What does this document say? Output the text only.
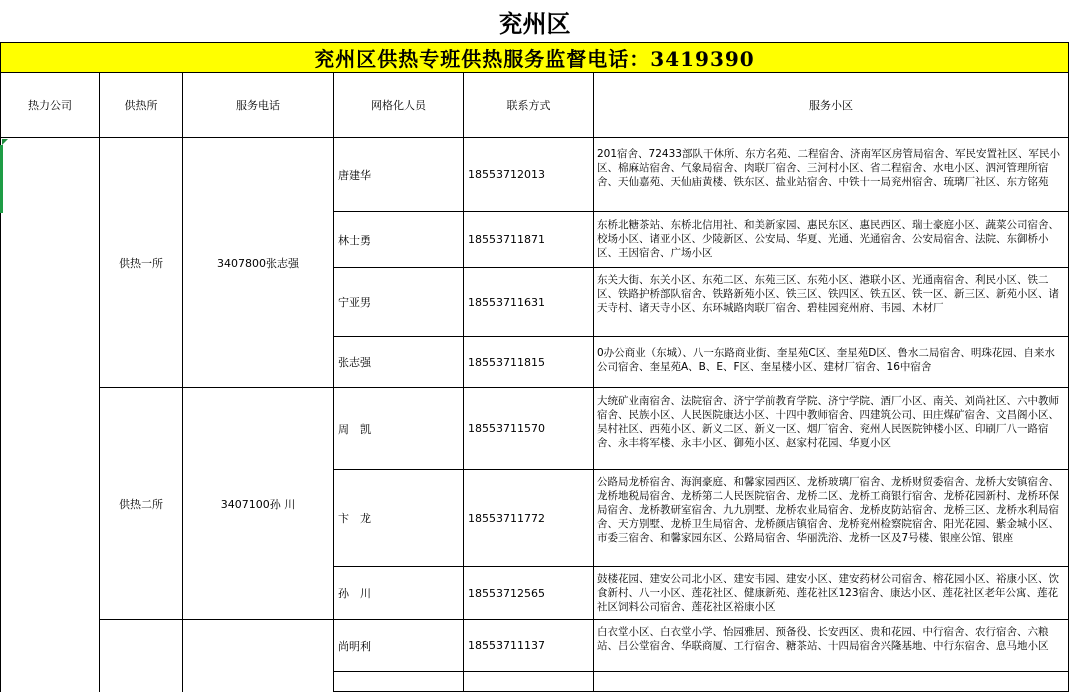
兖州区					
兖州区供热专班供热服务监督电话：3419390					
热力公司	供热所	服务电话	网格化人员	联系方式	服务小区
	供热一所	3407800张志强	唐建华	18553712013	201宿舍、72433部队干休所、东方名苑、二程宿舍、济南军区房管局宿舍、军民安置社区、军民小区、棉麻站宿舍、气象局宿舍、肉联厂宿舍、三河村小区、省二程宿舍、水电小区、泗河管理所宿舍、天仙嘉苑、天仙庙黄楼、铁东区、盐业站宿舍、中铁十一局兖州宿舍、琉璃厂社区、东方铭苑
			林士勇	18553711871	东桥北糖茶站、东桥北信用社、和美新家园、惠民东区、惠民西区、瑞士豪庭小区、蔬菜公司宿舍、校场小区、诸亚小区、少陵新区、公安局、华夏、光通、光通宿舍、公安局宿舍、法院、东御桥小区、王因宿舍、广场小区
			宁亚男	18553711631	东关大街、东关小区、东苑二区、东苑三区、东苑小区、港联小区、光通南宿舍、利民小区、铁二区、铁路护桥部队宿舍、铁路新苑小区、铁三区、铁四区、铁五区、铁一区、新三区、新苑小区、诸天寺村、诸天寺小区、东环城路肉联厂宿舍、碧桂园兖州府、韦园、木材厂
			张志强	18553711815	0办公商业（东城）、八一东路商业街、奎星苑C区、奎星苑D区、鲁水二局宿舍、明珠花园、自来水公司宿舍、奎星苑A、B、E、F区、奎星楼小区、建材厂宿舍、16中宿舍
	供热二所	3407100孙 川	周　凯	18553711570	大统矿业南宿舍、法院宿舍、济宁学前教育学院、济宁学院、酒厂小区、南关、刘尚社区、六中教师宿舍、民族小区、人民医院康达小区、十四中教师宿舍、四建筑公司、田庄煤矿宿舍、文昌阁小区、吴村社区、西苑小区、新义二区、新义一区、烟厂宿舍、兖州人民医院钟楼小区、印刷厂八一路宿舍、永丰将军楼、永丰小区、御苑小区、赵家村花园、华夏小区
			卞　龙	18553711772	公路局龙桥宿舍、海润豪庭、和馨家园西区、龙桥玻璃厂宿舍、龙桥财贸委宿舍、龙桥大安镇宿舍、龙桥地税局宿舍、龙桥第二人民医院宿舍、龙桥二区、龙桥工商银行宿舍、龙桥花园新村、龙桥环保局宿舍、龙桥教研室宿舍、九九别墅、龙桥农业局宿舍、龙桥皮防站宿舍、龙桥三区、龙桥水利局宿舍、天方别墅、龙桥卫生局宿舍、龙桥颜店镇宿舍、龙桥兖州检察院宿舍、阳光花园、紫金城小区、市委三宿舍、和馨家园东区、公路局宿舍、华丽洗浴、龙桥一区及7号楼、银座公馆、银座
			孙　川	18553712565	鼓楼花园、建安公司北小区、建安韦园、建安小区、建安药材公司宿舍、榕花园小区、裕康小区、饮食新村、八一小区、莲花社区、健康新苑、莲花社区123宿舍、康达小区、莲花社区老年公寓、莲花社区饲料公司宿舍、莲花社区裕康小区
			尚明利	18553711137	白衣堂小区、白衣堂小学、怡园雅居、预备役、长安西区、贵和花园、中行宿舍、农行宿舍、六粮站、吕公堂宿舍、华联商厦、工行宿舍、糖茶站、十四局宿舍兴隆基地、中行东宿舍、息马地小区
